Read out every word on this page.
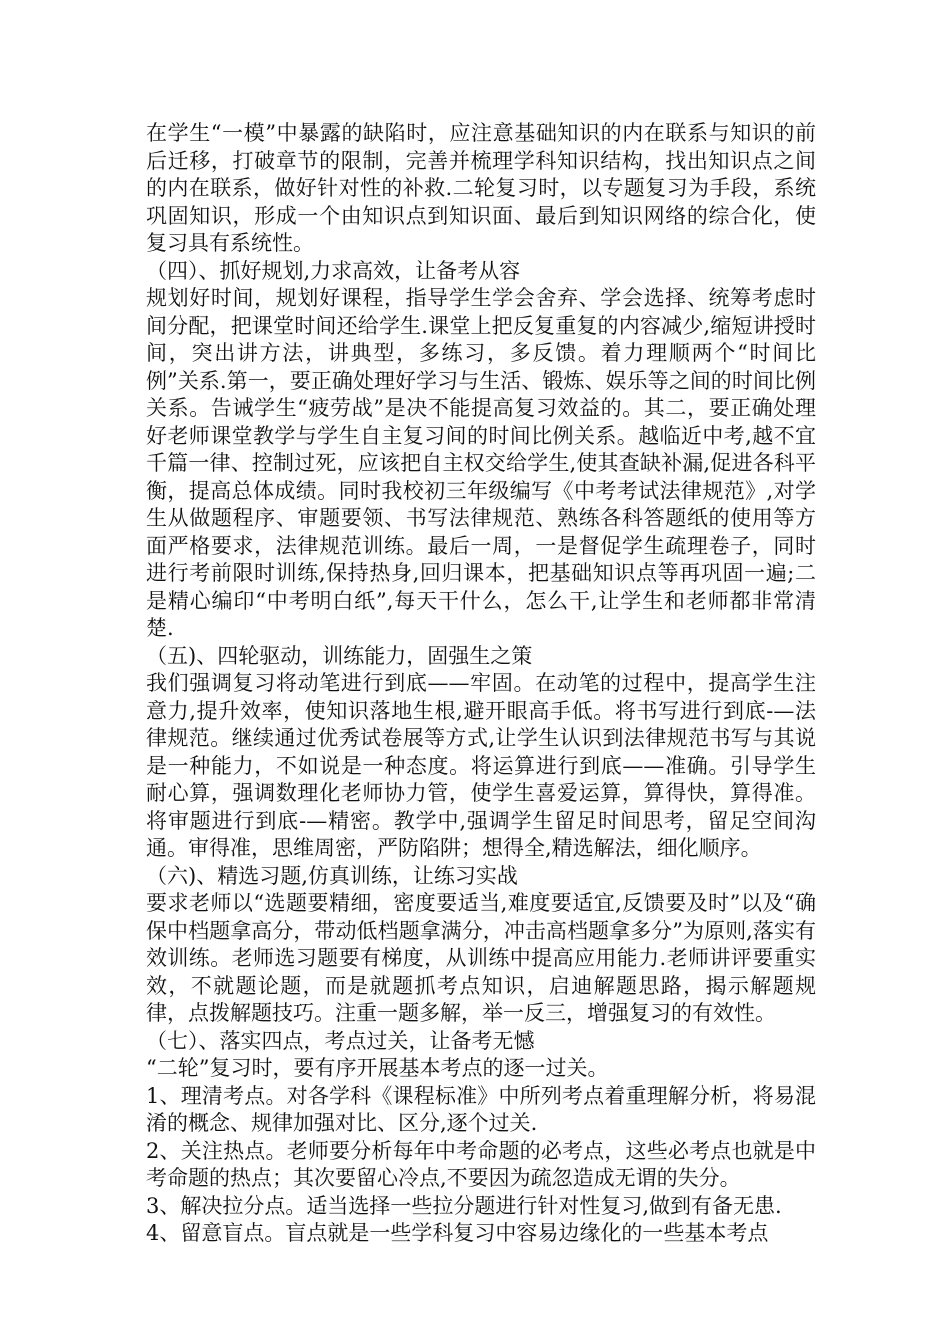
在学生“一模”中暴露的缺陷时，应注意基础知识的内在联系与知识的前后迁移，打破章节的限制，完善并梳理学科知识结构，找出知识点之间的内在联系，做好针对性的补救.二轮复习时，以专题复习为手段，系统巩固知识，形成一个由知识点到知识面、最后到知识网络的综合化，使复习具有系统性。

（四）、抓好规划,力求高效，让备考从容

规划好时间，规划好课程，指导学生学会舍弃、学会选择、统筹考虑时间分配，把课堂时间还给学生.课堂上把反复重复的内容减少,缩短讲授时间，突出讲方法，讲典型，多练习，多反馈。着力理顺两个“时间比例”关系.第一，要正确处理好学习与生活、锻炼、娱乐等之间的时间比例关系。告诫学生“疲劳战”是决不能提高复习效益的。其二，要正确处理好老师课堂教学与学生自主复习间的时间比例关系。越临近中考,越不宜千篇一律、控制过死，应该把自主权交给学生,使其查缺补漏,促进各科平衡，提高总体成绩。同时我校初三年级编写《中考考试法律规范》,对学生从做题程序、审题要领、书写法律规范、熟练各科答题纸的使用等方面严格要求，法律规范训练。最后一周，一是督促学生疏理卷子，同时进行考前限时训练,保持热身,回归课本，把基础知识点等再巩固一遍;二是精心编印“中考明白纸”,每天干什么，怎么干,让学生和老师都非常清楚.

（五)、四轮驱动，训练能力，固强生之策

我们强调复习将动笔进行到底——牢固。在动笔的过程中，提高学生注意力,提升效率，使知识落地生根,避开眼高手低。将书写进行到底-—法律规范。继续通过优秀试卷展等方式,让学生认识到法律规范书写与其说是一种能力，不如说是一种态度。将运算进行到底——准确。引导学生耐心算，强调数理化老师协力管，使学生喜爱运算，算得快，算得准。将审题进行到底-—精密。教学中,强调学生留足时间思考，留足空间沟通。审得准，思维周密，严防陷阱；想得全,精选解法，细化顺序。

（六)、精选习题,仿真训练，让练习实战

要求老师以“选题要精细，密度要适当,难度要适宜,反馈要及时”以及“确保中档题拿高分，带动低档题拿满分，冲击高档题拿多分”为原则,落实有效训练。老师选习题要有梯度，从训练中提高应用能力.老师讲评要重实效，不就题论题，而是就题抓考点知识，启迪解题思路，揭示解题规律，点拨解题技巧。注重一题多解，举一反三，增强复习的有效性。

（七）、落实四点，考点过关，让备考无憾

“二轮”复习时，要有序开展基本考点的逐一过关。

1、理清考点。对各学科《课程标准》中所列考点着重理解分析，将易混淆的概念、规律加强对比、区分,逐个过关.

2、关注热点。老师要分析每年中考命题的必考点，这些必考点也就是中考命题的热点；其次要留心冷点,不要因为疏忽造成无谓的失分。

3、解决拉分点。适当选择一些拉分题进行针对性复习,做到有备无患.

4、留意盲点。盲点就是一些学科复习中容易边缘化的一些基本考点
